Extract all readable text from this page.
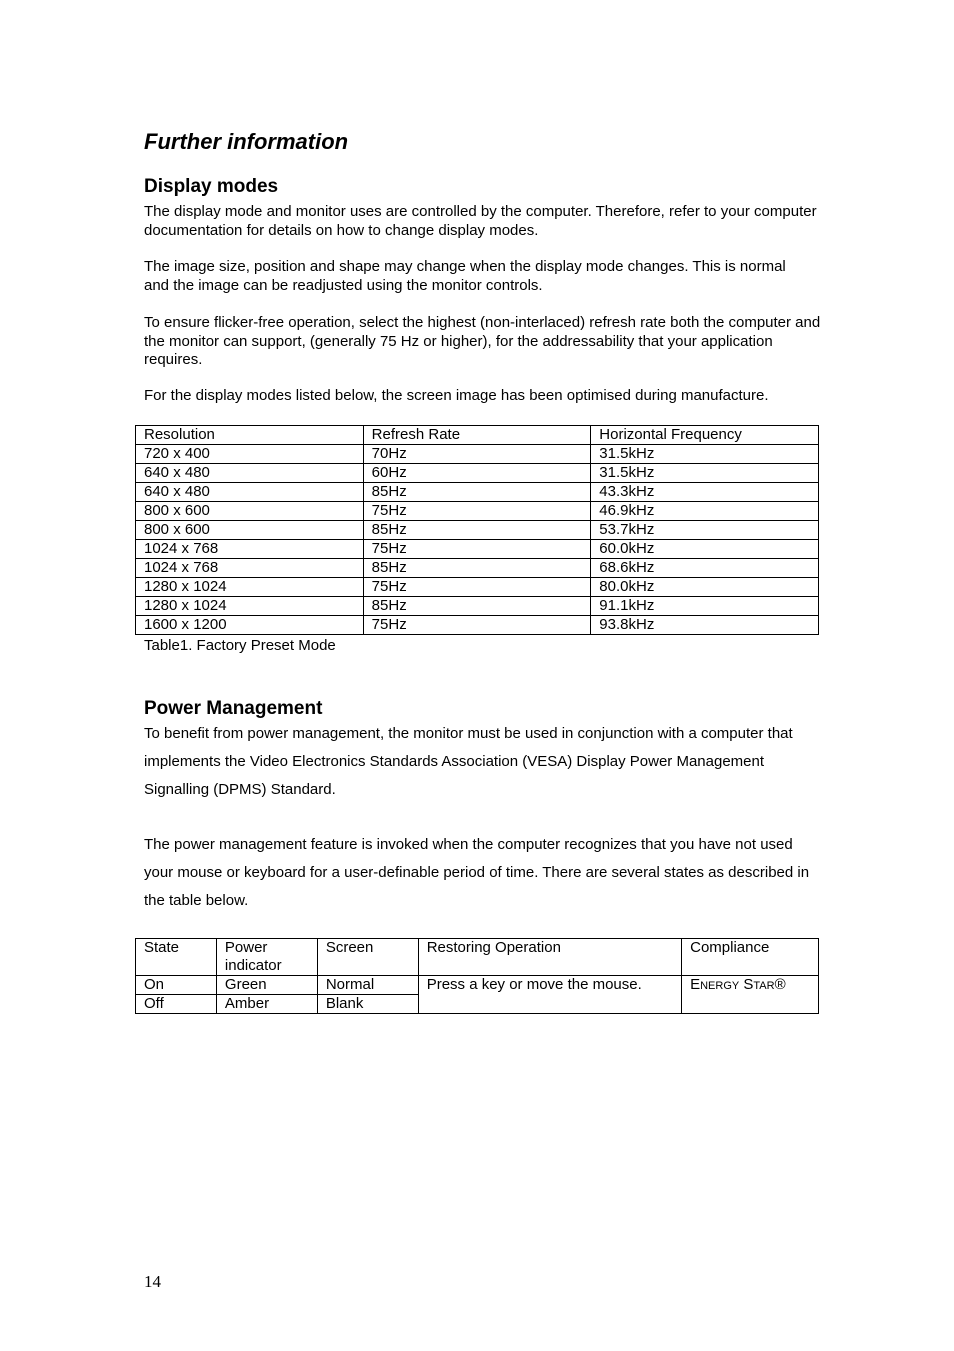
Further information
Display modes

The display mode and monitor uses are controlled by the computer. Therefore, refer to your computer documentation for details on how to change display modes.

The image size, position and shape may change when the display mode changes. This is normal and the image can be readjusted using the monitor controls.

To ensure flicker-free operation, select the highest (non-interlaced) refresh rate both the computer and the monitor can support, (generally 75 Hz or higher), for the addressability that your application requires.

For the display modes listed below, the screen image has been optimised during manufacture.

Resolution	Refresh Rate	Horizontal Frequency
720 x 400	70Hz	31.5kHz
640 x 480	60Hz	31.5kHz
640 x 480	85Hz	43.3kHz
800 x 600	75Hz	46.9kHz
800 x 600	85Hz	53.7kHz
1024 x 768	75Hz	60.0kHz
1024 x 768	85Hz	68.6kHz
1280 x 1024	75Hz	80.0kHz
1280 x 1024	85Hz	91.1kHz
1600 x 1200	75Hz	93.8kHz

Table1. Factory Preset Mode

Power Management

To benefit from power management, the monitor must be used in conjunction with a computer that implements the Video Electronics Standards Association (VESA) Display Power Management Signalling (DPMS) Standard.

The power management feature is invoked when the computer recognizes that you have not used your mouse or keyboard for a user-definable period of time. There are several states as described in the table below.

State	Power indicator	Screen	Restoring Operation	Compliance
On	Green	Normal	Press a key or move the mouse.	Energy Star®
Off	Amber	Blank		
14
